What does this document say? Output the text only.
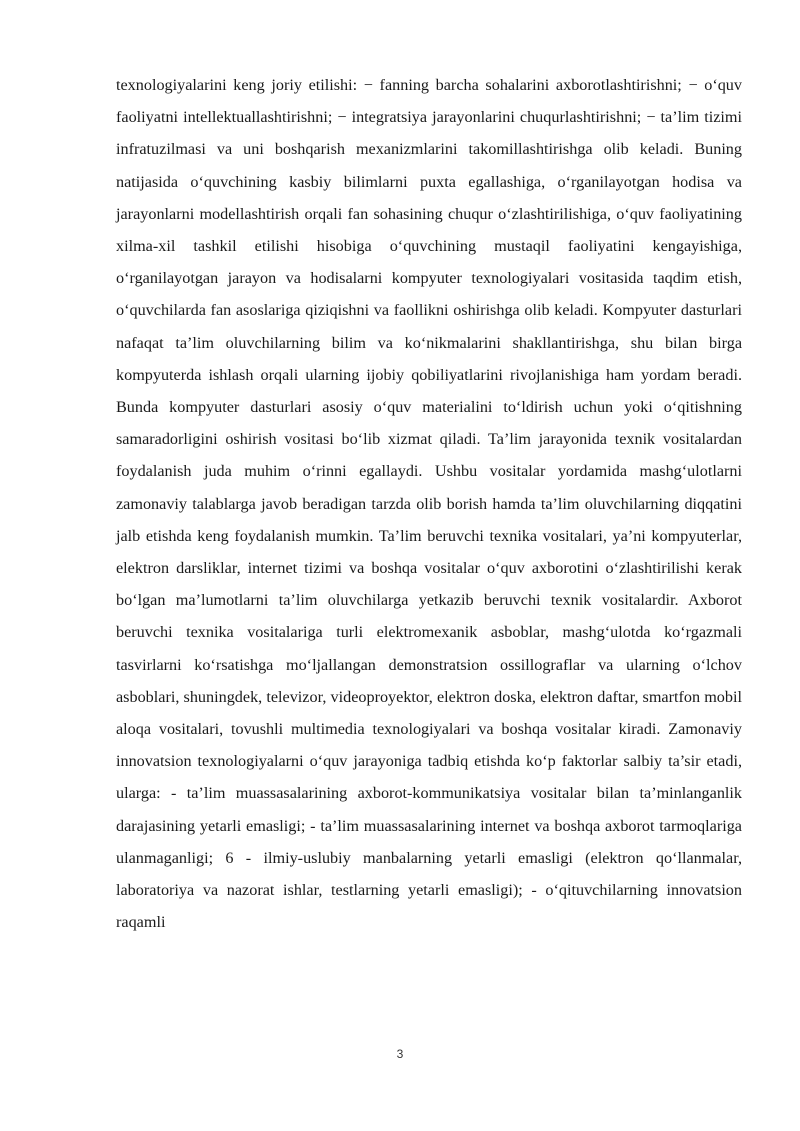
texnologiyalarini keng joriy etilishi: − fanning barcha sohalarini axborotlashtirishni; − o‘quv faoliyatni intellektuallashtirishni; − integratsiya jarayonlarini chuqurlashtirishni; − ta’lim tizimi infratuzilmasi va uni boshqarish mexanizmlarini takomillashtirishga olib keladi. Buning natijasida o‘quvchining kasbiy bilimlarni puxta egallashiga, o‘rganilayotgan hodisa va jarayonlarni modellashtirish orqali fan sohasining chuqur o‘zlashtirilishiga, o‘quv faoliyatining xilma-xil tashkil etilishi hisobiga o‘quvchining mustaqil faoliyatini kengayishiga, o‘rganilayotgan jarayon va hodisalarni kompyuter texnologiyalari vositasida taqdim etish, o‘quvchilarda fan asoslariga qiziqishni va faollikni oshirishga olib keladi. Kompyuter dasturlari nafaqat ta’lim oluvchilarning bilim va ko‘nikmalarini shakllantirishga, shu bilan birga kompyuterda ishlash orqali ularning ijobiy qobiliyatlarini rivojlanishiga ham yordam beradi. Bunda kompyuter dasturlari asosiy o‘quv materialini to‘ldirish uchun yoki o‘qitishning samaradorligini oshirish vositasi bo‘lib xizmat qiladi. Ta’lim jarayonida texnik vositalardan foydalanish juda muhim o‘rinni egallaydi. Ushbu vositalar yordamida mashg‘ulotlarni zamonaviy talablarga javob beradigan tarzda olib borish hamda ta’lim oluvchilarning diqqatini jalb etishda keng foydalanish mumkin. Ta’lim beruvchi texnika vositalari, ya’ni kompyuterlar, elektron darsliklar, internet tizimi va boshqa vositalar o‘quv axborotini o‘zlashtirilishi kerak bo‘lgan ma’lumotlarni ta’lim oluvchilarga yetkazib beruvchi texnik vositalardir. Axborot beruvchi texnika vositalariga turli elektromexanik asboblar, mashg‘ulotda ko‘rgazmali tasvirlarni ko‘rsatishga mo‘ljallangan demonstratsion ossillograflar va ularning o‘lchov asboblari, shuningdek, televizor, videoproyektor, elektron doska, elektron daftar, smartfon mobil aloqa vositalari, tovushli multimedia texnologiyalari va boshqa vositalar kiradi. Zamonaviy innovatsion texnologiyalarni o‘quv jarayoniga tadbiq etishda ko‘p faktorlar salbiy ta’sir etadi, ularga: - ta’lim muassasalarining axborot-kommunikatsiya vositalar bilan ta’minlanganlik darajasining yetarli emasligi; - ta’lim muassasalarining internet va boshqa axborot tarmoqlariga ulanmaganligi; 6 - ilmiy-uslubiy manbalarning yetarli emasligi (elektron qo‘llanmalar, laboratoriya va nazorat ishlar, testlarning yetarli emasligi); - o‘qituvchilarning innovatsion raqamli

3
